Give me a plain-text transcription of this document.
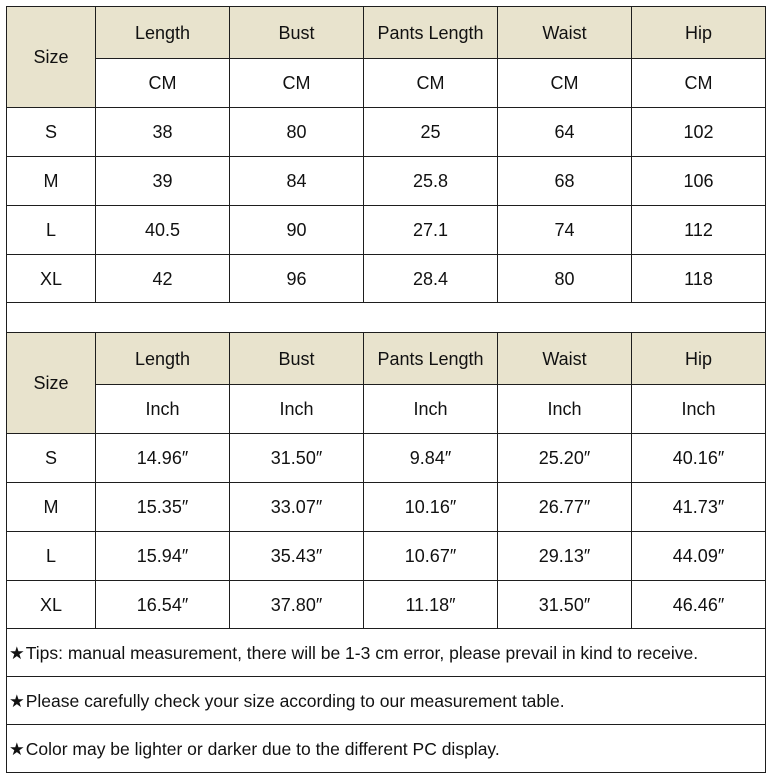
Size	Length	Bust	Pants Length	Waist	Hip
	CM	CM	CM	CM	CM
S	38	80	25	64	102
M	39	84	25.8	68	106
L	40.5	90	27.1	74	112
XL	42	96	28.4	80	118

Size	Length	Bust	Pants Length	Waist	Hip
	Inch	Inch	Inch	Inch	Inch
S	14.96″	31.50″	9.84″	25.20″	40.16″
M	15.35″	33.07″	10.16″	26.77″	41.73″
L	15.94″	35.43″	10.67″	29.13″	44.09″
XL	16.54″	37.80″	11.18″	31.50″	46.46″
★Tips: manual measurement, there will be 1-3 cm error, please prevail in kind to receive.					
★Please carefully check your size according to our measurement table.					
★Color may be lighter or darker due to the different PC display.					
